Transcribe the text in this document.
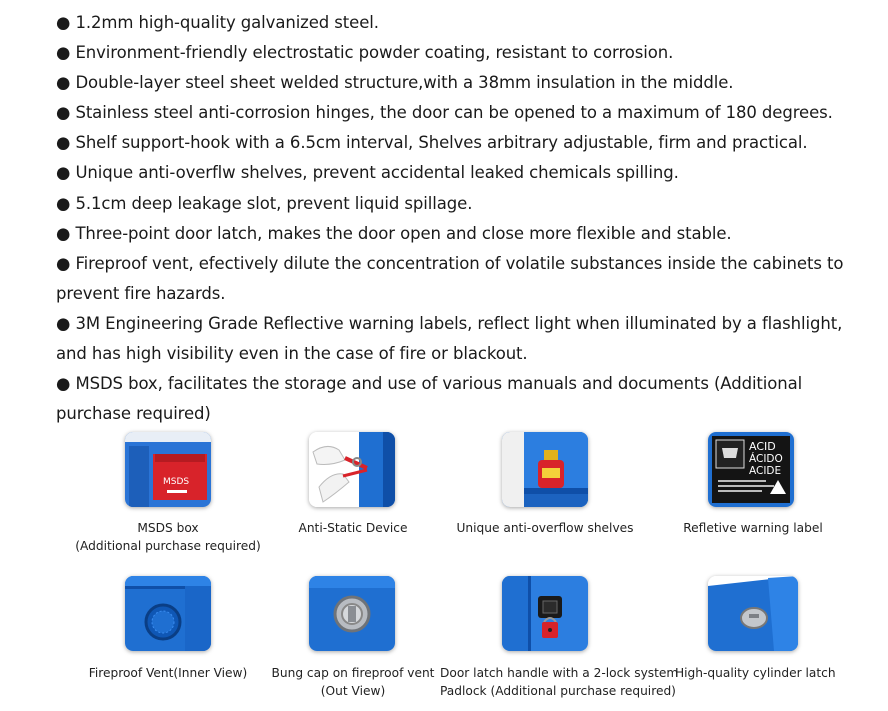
● 1.2mm high-quality galvanized steel.
● Environment-friendly electrostatic powder coating, resistant to corrosion.
● Double-layer steel sheet welded structure,with a 38mm insulation in the middle.
● Stainless steel anti-corrosion hinges, the door can be opened to a maximum of 180 degrees.
● Shelf support-hook with a 6.5cm interval, Shelves arbitrary adjustable, firm and practical.
● Unique anti-overflw shelves, prevent accidental leaked chemicals spilling.
● 5.1cm deep leakage slot, prevent liquid spillage.
● Three-point door latch, makes the door open and close more flexible and stable.
● Fireproof vent, efectively dilute the concentration of volatile substances inside the cabinets to prevent fire hazards.
● 3M Engineering Grade Reflective warning labels, reflect light when illuminated by a flashlight, and has high visibility even in the case of fire or blackout.
● MSDS box, facilitates the storage and use of various manuals and documents (Additional purchase required)
MSDS
MSDS box
(Additional purchase required)
Anti-Static Device	Unique anti-overflow shelves
ACID
ÁCIDO
ACIDE
Refletive warning label
Fireproof Vent(Inner View)	Bung cap on fireproof vent
(Out View)
Door latch handle with a 2-lock system
Padlock (Additional purchase required)
High-quality cylinder latch
